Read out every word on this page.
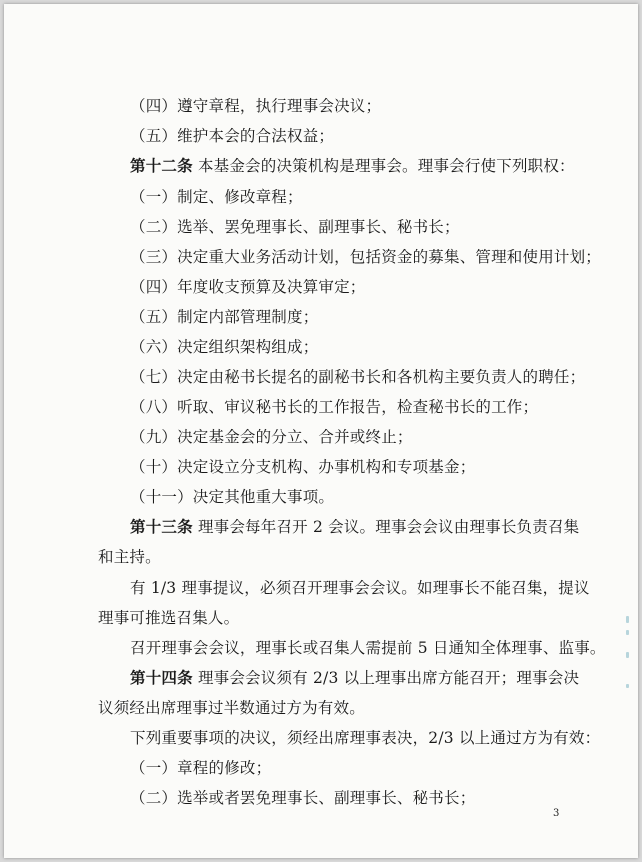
（四）遵守章程，执行理事会决议；
（五）维护本会的合法权益；
第十二条 本基金会的决策机构是理事会。理事会行使下列职权：
（一）制定、修改章程；
（二）选举、罢免理事长、副理事长、秘书长；
（三）决定重大业务活动计划，包括资金的募集、管理和使用计划；
（四）年度收支预算及决算审定；
（五）制定内部管理制度；
（六）决定组织架构组成；
（七）决定由秘书长提名的副秘书长和各机构主要负责人的聘任；
（八）听取、审议秘书长的工作报告，检查秘书长的工作；
（九）决定基金会的分立、合并或终止；
（十）决定设立分支机构、办事机构和专项基金；
（十一）决定其他重大事项。
第十三条 理事会每年召开 2 会议。理事会会议由理事长负责召集
和主持。
有 1/3 理事提议，必须召开理事会会议。如理事长不能召集，提议
理事可推选召集人。
召开理事会会议，理事长或召集人需提前 5 日通知全体理事、监事。
第十四条 理事会会议须有 2/3 以上理事出席方能召开；理事会决
议须经出席理事过半数通过方为有效。
下列重要事项的决议，须经出席理事表决，2/3 以上通过方为有效：
（一）章程的修改；
（二）选举或者罢免理事长、副理事长、秘书长；
3
